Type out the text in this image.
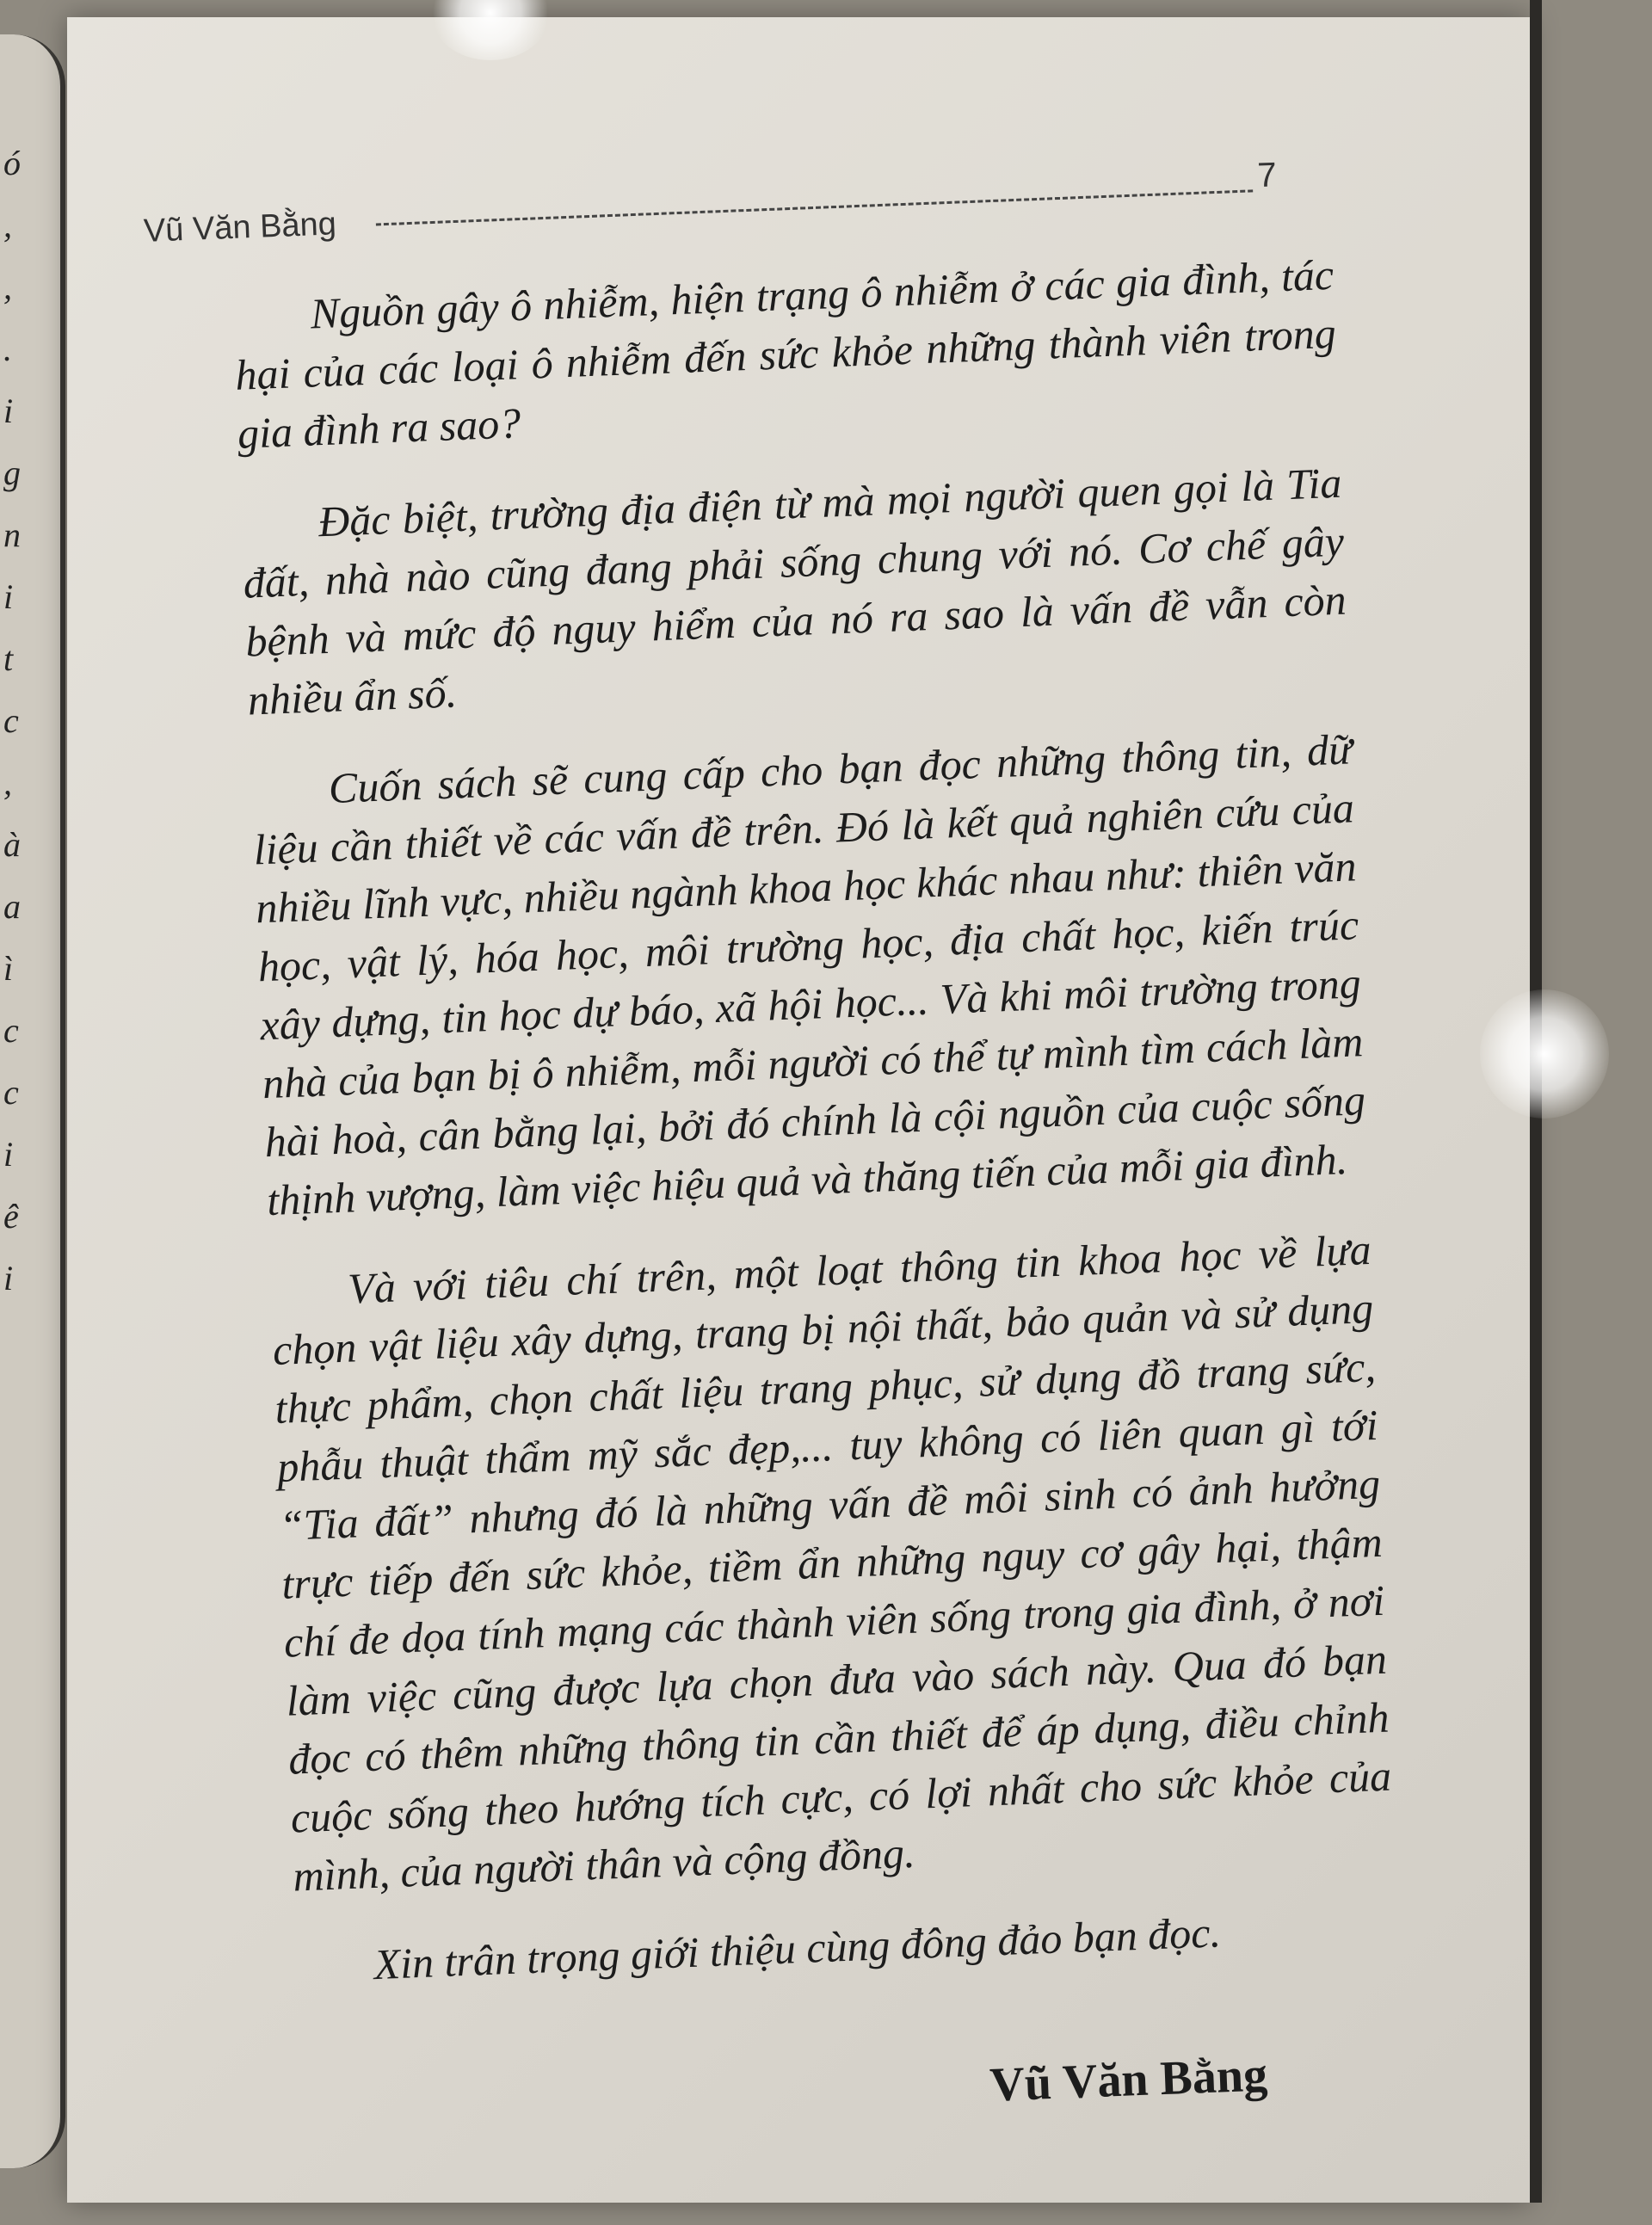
ó
,
,
.
i
g
n
i
t
c
,
à
a
ì
c
c
i
ê
i
Vũ Văn Bằng
7

Nguồn gây ô nhiễm, hiện trạng ô nhiễm ở các gia đình, tác hại của các loại ô nhiễm đến sức khỏe những thành viên trong gia đình ra sao?

Đặc biệt, trường địa điện từ mà mọi người quen gọi là Tia đất, nhà nào cũng đang phải sống chung với nó. Cơ chế gây bệnh và mức độ nguy hiểm của nó ra sao là vấn đề vẫn còn nhiều ẩn số.

Cuốn sách sẽ cung cấp cho bạn đọc những thông tin, dữ liệu cần thiết về các vấn đề trên. Đó là kết quả nghiên cứu của nhiều lĩnh vực, nhiều ngành khoa học khác nhau như: thiên văn học, vật lý, hóa học, môi trường học, địa chất học, kiến trúc xây dựng, tin học dự báo, xã hội học... Và khi môi trường trong nhà của bạn bị ô nhiễm, mỗi người có thể tự mình tìm cách làm hài hoà, cân bằng lại, bởi đó chính là cội nguồn của cuộc sống thịnh vượng, làm việc hiệu quả và thăng tiến của mỗi gia đình.

Và với tiêu chí trên, một loạt thông tin khoa học về lựa chọn vật liệu xây dựng, trang bị nội thất, bảo quản và sử dụng thực phẩm, chọn chất liệu trang phục, sử dụng đồ trang sức, phẫu thuật thẩm mỹ sắc đẹp,... tuy không có liên quan gì tới “Tia đất” nhưng đó là những vấn đề môi sinh có ảnh hưởng trực tiếp đến sức khỏe, tiềm ẩn những nguy cơ gây hại, thậm chí đe dọa tính mạng các thành viên sống trong gia đình, ở nơi làm việc cũng được lựa chọn đưa vào sách này. Qua đó bạn đọc có thêm những thông tin cần thiết để áp dụng, điều chỉnh cuộc sống theo hướng tích cực, có lợi nhất cho sức khỏe của mình, của người thân và cộng đồng.

Xin trân trọng giới thiệu cùng đông đảo bạn đọc.

Vũ Văn Bằng
